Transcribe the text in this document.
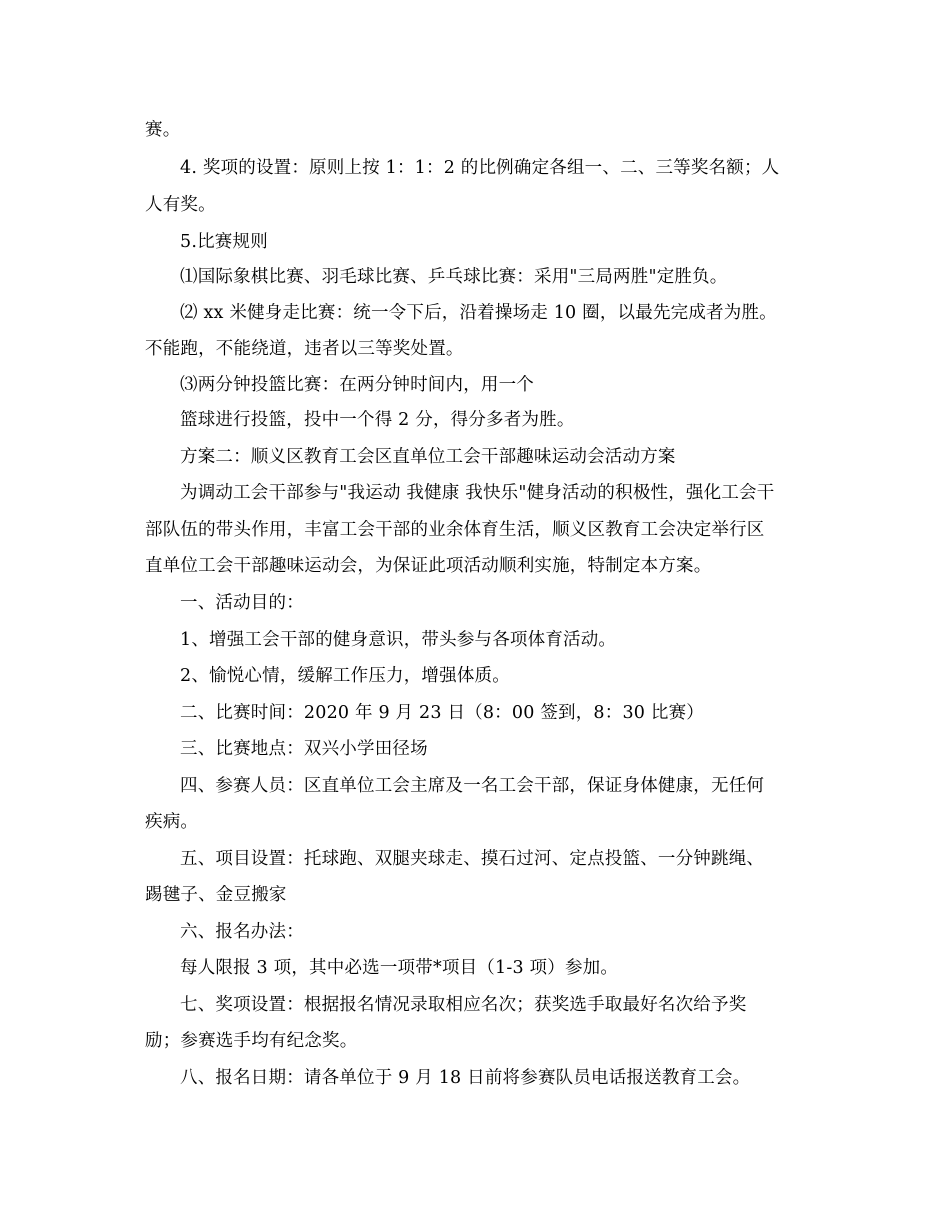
赛。
4. 奖项的设置：原则上按 1：1：2 的比例确定各组一、二、三等奖名额；人
人有奖。
5.比赛规则
⑴国际象棋比赛、羽毛球比赛、乒乓球比赛：采用"三局两胜"定胜负。
⑵ xx 米健身走比赛：统一令下后，沿着操场走 10 圈，以最先完成者为胜。
不能跑，不能绕道，违者以三等奖处置。
⑶两分钟投篮比赛：在两分钟时间内，用一个
篮球进行投篮，投中一个得 2 分，得分多者为胜。
方案二：顺义区教育工会区直单位工会干部趣味运动会活动方案
为调动工会干部参与"我运动 我健康 我快乐"健身活动的积极性，强化工会干
部队伍的带头作用，丰富工会干部的业余体育生活，顺义区教育工会决定举行区
直单位工会干部趣味运动会，为保证此项活动顺利实施，特制定本方案。
一、活动目的：
1、增强工会干部的健身意识，带头参与各项体育活动。
2、愉悦心情，缓解工作压力，增强体质。
二、比赛时间：2020 年 9 月 23 日（8：00 签到，8：30 比赛）
三、比赛地点：双兴小学田径场
四、参赛人员：区直单位工会主席及一名工会干部，保证身体健康，无任何
疾病。
五、项目设置：托球跑、双腿夹球走、摸石过河、定点投篮、一分钟跳绳、
踢毽子、金豆搬家
六、报名办法：
每人限报 3 项，其中必选一项带*项目（1-3 项）参加。
七、奖项设置：根据报名情况录取相应名次；获奖选手取最好名次给予奖
励；参赛选手均有纪念奖。
八、报名日期：请各单位于 9 月 18 日前将参赛队员电话报送教育工会。
